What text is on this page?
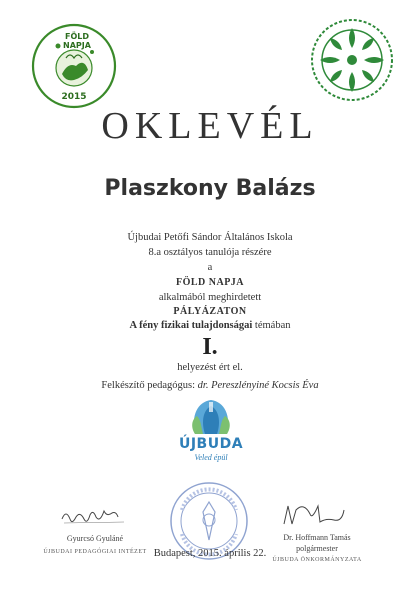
FÖLD NAPJA
2015
OKLEVÉL
Plaszkony Balázs
Újbudai Petőfi Sándor Általános Iskola
8.a osztályos tanulója részére
a
FÖLD NAPJA
alkalmából meghirdetett
PÁLYÁZATON
A fény fizikai tulajdonságai témában
I.
helyezést ért el.
Felkészítő pedagógus: dr. Pereszlényiné Kocsis Éva
ÚJBUDA
Veled épül
Gyurcsó Gyuláné
ÚJBUDAI PEDAGÓGIAI INTÉZET
Dr. Hoffmann Tamás
polgármester
ÚJBUDA ÖNKORMÁNYZATA
Budapest, 2015. április 22.
